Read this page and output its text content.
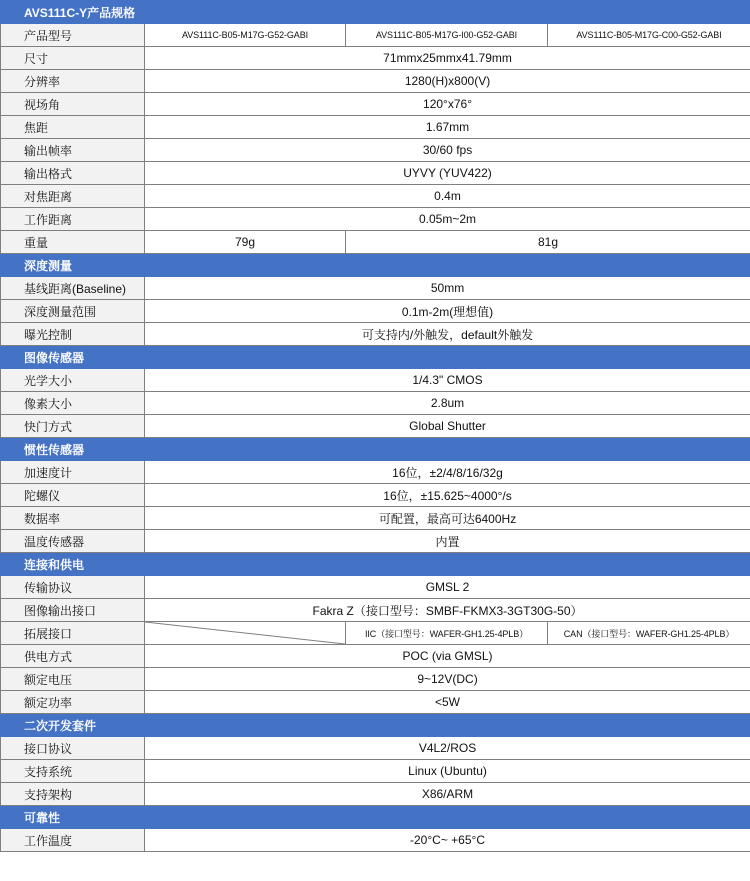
AVS111C-Y产品规格			
产品型号	AVS111C-B05-M17G-G52-GABI	AVS111C-B05-M17G-I00-G52-GABI	AVS111C-B05-M17G-C00-G52-GABI
尺寸	71mmx25mmx41.79mm		
分辨率	1280(H)x800(V)		
视场角	120°x76°		
焦距	1.67mm		
输出帧率	30/60 fps		
输出格式	UYVY (YUV422)		
对焦距离	0.4m		
工作距离	0.05m~2m		
重量	79g	81g	
深度测量			
基线距离(Baseline)	50mm		
深度测量范围	0.1m-2m(理想值)		
曝光控制	可支持内/外触发，default外触发		
图像传感器			
光学大小	1/4.3" CMOS		
像素大小	2.8um		
快门方式	Global Shutter		
惯性传感器			
加速度计	16位，±2/4/8/16/32g		
陀螺仪	16位，±15.625~4000°/s		
数据率	可配置，最高可达6400Hz		
温度传感器	内置		
连接和供电			
传输协议	GMSL 2		
图像输出接口	Fakra Z（接口型号：SMBF-FKMX3-3GT30G-50）		
拓展接口		IIC（接口型号：WAFER-GH1.25-4PLB）	CAN（接口型号：WAFER-GH1.25-4PLB）
供电方式	POC (via GMSL)		
额定电压	9~12V(DC)		
额定功率	<5W		
二次开发套件			
接口协议	V4L2/ROS		
支持系统	Linux (Ubuntu)		
支持架构	X86/ARM		
可靠性			
工作温度	-20°C~ +65°C		
